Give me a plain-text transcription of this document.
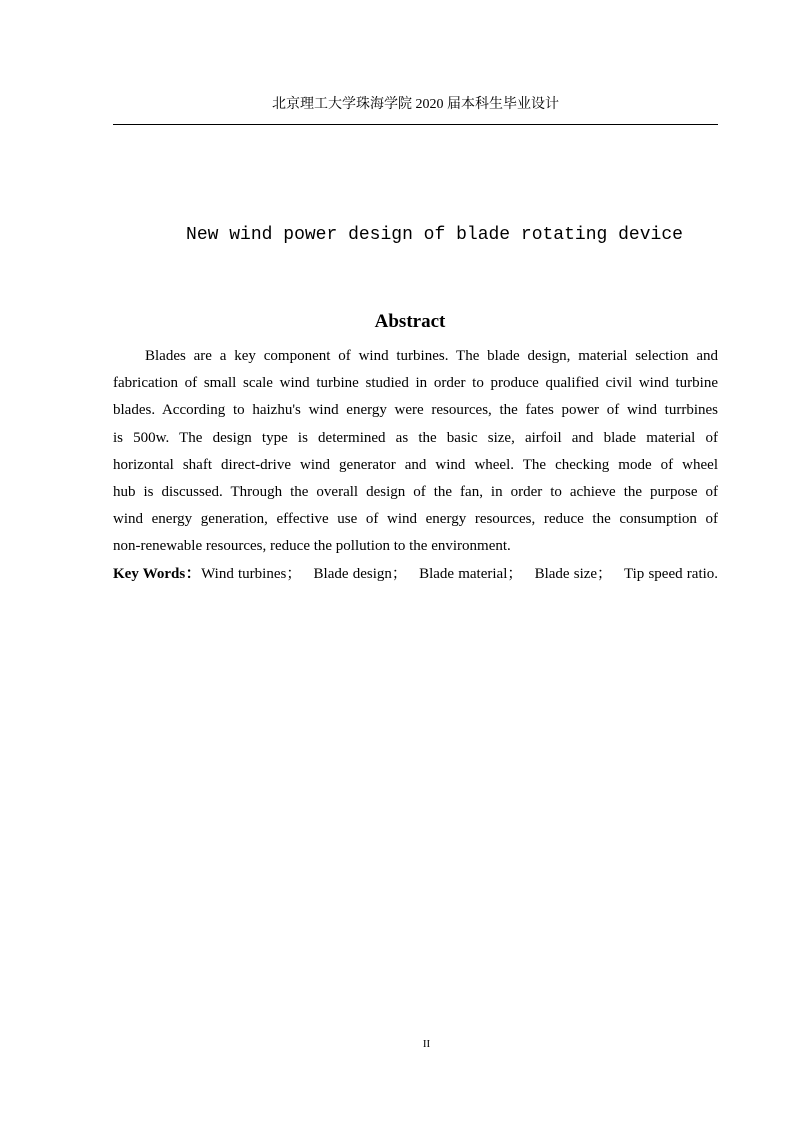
北京理工大学珠海学院 2020 届本科生毕业设计
New wind power design of blade rotating device
Abstract
Blades are a key component of wind turbines. The blade design, material selection and
fabrication of small scale wind turbine studied in order to produce qualified civil wind turbine
blades. According to haizhu's wind energy were resources, the fates power of wind turrbines
is 500w. The design type is determined as the basic size, airfoil and blade material of
horizontal shaft direct-drive wind generator and wind wheel. The checking mode of wheel
hub is discussed. Through the overall design of the fan, in order to achieve the purpose of
wind energy generation, effective use of wind energy resources, reduce the consumption of
non-renewable resources, reduce the pollution to the environment.
Key Words：Wind turbines； Blade design； Blade material； Blade size； Tip speed ratio.
II
